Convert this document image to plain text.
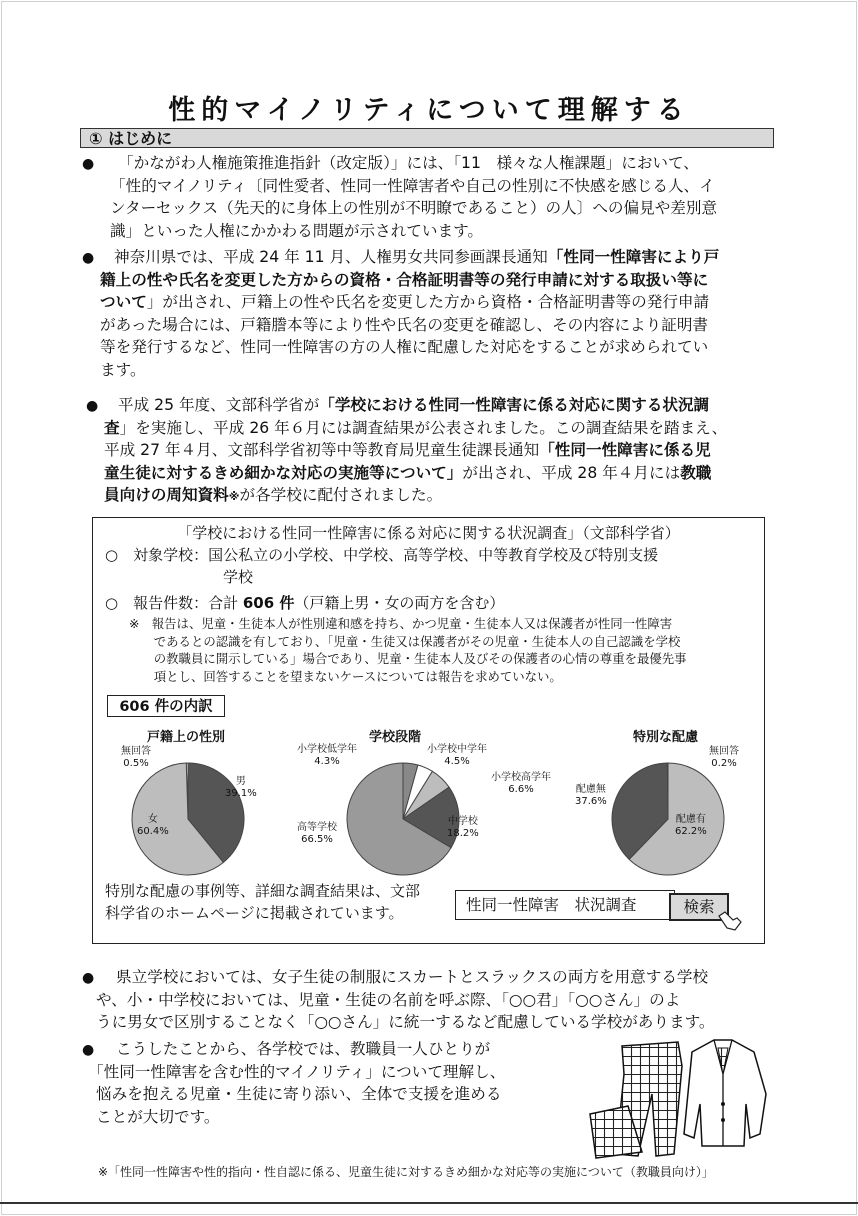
性的マイノリティについて理解する
① はじめに
● 「かながわ人権施策推進指針（改定版）」には、「11　様々な人権課題」において、
「性的マイノリティ〔同性愛者、性同一性障害者や自己の性別に不快感を感じる人、イ
ンターセックス（先天的に身体上の性別が不明瞭であること）の人〕への偏見や差別意
識」といった人権にかかわる問題が示されています。
● 神奈川県では、平成 24 年 11 月、人権男女共同参画課長通知「性同一性障害により戸
籍上の性や氏名を変更した方からの資格・合格証明書等の発行申請に対する取扱い等に
ついて」が出され、戸籍上の性や氏名を変更した方から資格・合格証明書等の発行申請
があった場合には、戸籍謄本等により性や氏名の変更を確認し、その内容により証明書
等を発行するなど、性同一性障害の方の人権に配慮した対応をすることが求められてい
ます。
● 平成 25 年度、文部科学省が「学校における性同一性障害に係る対応に関する状況調
査」を実施し、平成 26 年６月には調査結果が公表されました。この調査結果を踏まえ、
平成 27 年４月、文部科学省初等中等教育局児童生徒課長通知「性同一性障害に係る児
童生徒に対するきめ細かな対応の実施等について」が出され、平成 28 年４月には教職
員向けの周知資料※が各学校に配付されました。
「学校における性同一性障害に係る対応に関する状況調査」（文部科学省）
○　対象学校：国公私立の小学校、中学校、高等学校、中等教育学校及び特別支援
学校
○　報告件数：合計 606 件（戸籍上男・女の両方を含む）
※　報告は、児童・生徒本人が性別違和感を持ち、かつ児童・生徒本人又は保護者が性同一性障害
　　であるとの認識を有しており、「児童・生徒又は保護者がその児童・生徒本人の自己認識を学校
　　の教職員に開示している」場合であり、児童・生徒本人及びその保護者の心情の尊重を最優先事
　　項とし、回答することを望まないケースについては報告を求めていない。
606 件の内訳
戸籍上の性別
無回答
0.5%
男
39.1%
女
60.4%
学校段階
小学校低学年
4.3%
小学校中学年
4.5%
小学校高学年
6.6%
中学校
18.2%
高等学校
66.5%
特別な配慮
無回答
0.2%
配慮無
37.6%
配慮有
62.2%
特別な配慮の事例等、詳細な調査結果は、文部
科学省のホームページに掲載されています。	性同一性障害　状況調査	検索
● 県立学校においては、女子生徒の制服にスカートとスラックスの両方を用意する学校
や、小・中学校においては、児童・生徒の名前を呼ぶ際、「○○君」「○○さん」のよ
うに男女で区別することなく「○○さん」に統一するなど配慮している学校があります。
● こうしたことから、各学校では、教職員一人ひとりが
「性同一性障害を含む性的マイノリティ」について理解し、
悩みを抱える児童・生徒に寄り添い、全体で支援を進める
ことが大切です。
※「性同一性障害や性的指向・性自認に係る、児童生徒に対するきめ細かな対応等の実施について（教職員向け）」
